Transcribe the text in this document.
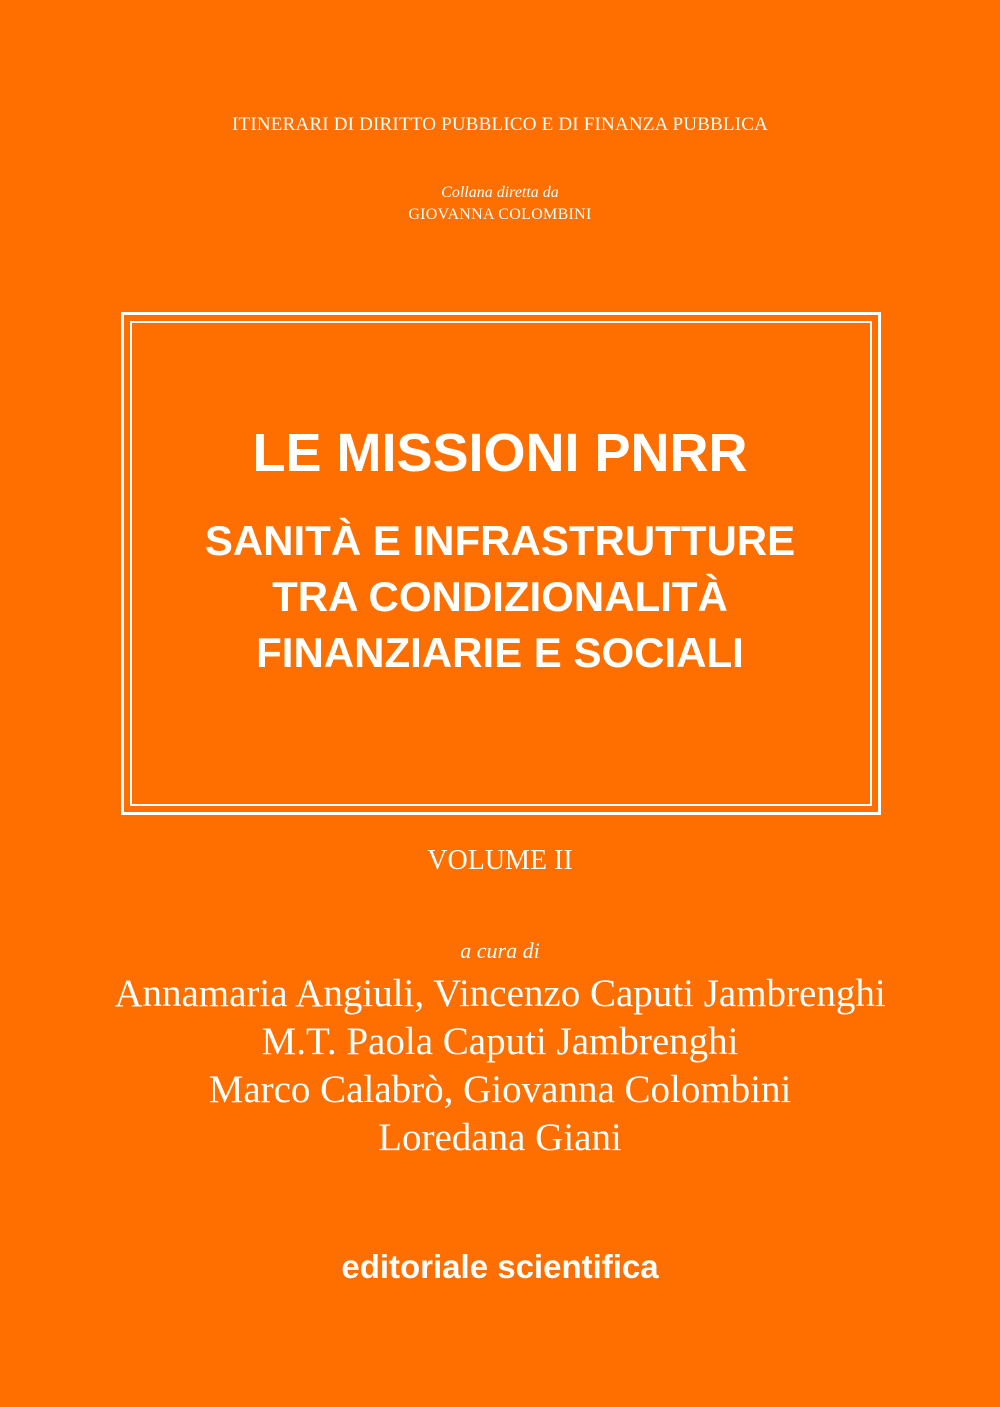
ITINERARI DI DIRITTO PUBBLICO E DI FINANZA PUBBLICA
Collana diretta da
GIOVANNA COLOMBINI
LE MISSIONI PNRR
SANITÀ E INFRASTRUTTURE
TRA CONDIZIONALITÀ
FINANZIARIE E SOCIALI
VOLUME II
a cura di
Annamaria Angiuli, Vincenzo Caputi Jambrenghi
M.T. Paola Caputi Jambrenghi
Marco Calabrò, Giovanna Colombini
Loredana Giani
editoriale scientifica
